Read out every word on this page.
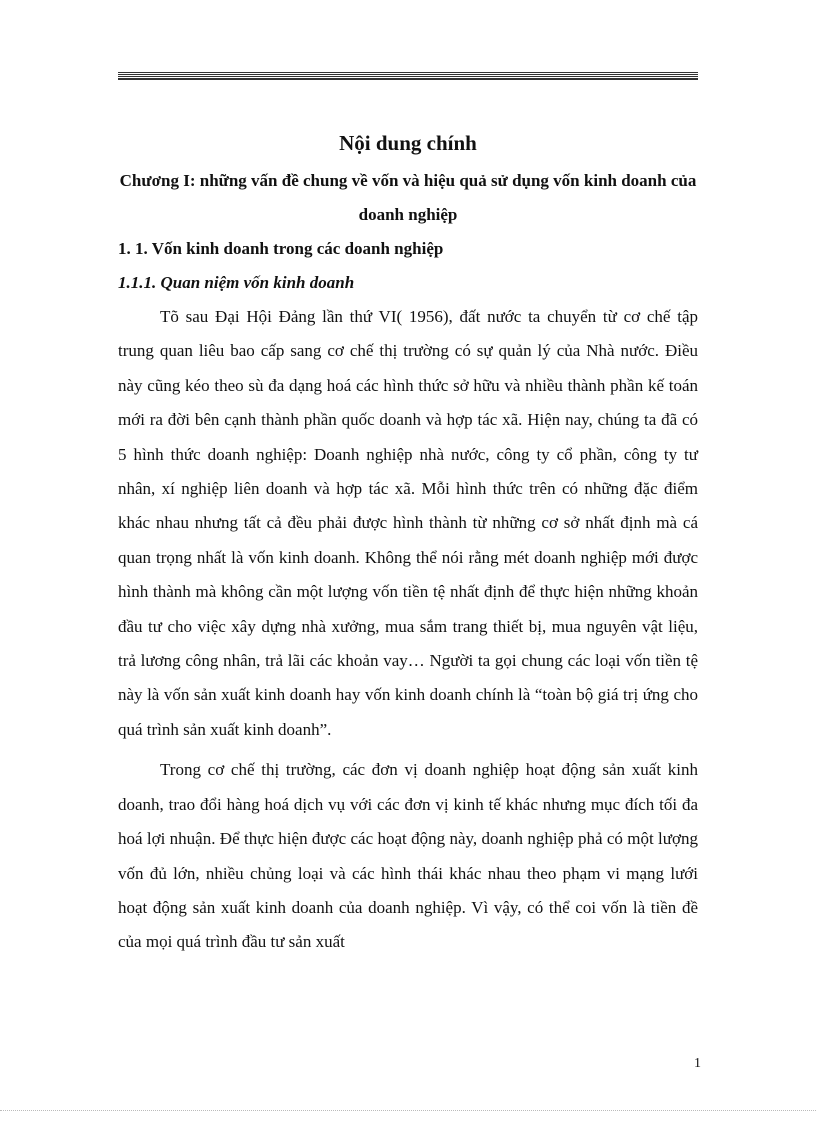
Nội dung chính
Chương I: những vấn đề chung về vốn và hiệu quả sử dụng vốn kinh doanh của doanh nghiệp
1. 1. Vốn kinh doanh trong các doanh nghiệp
1.1.1. Quan niệm vốn kinh doanh

Tõ sau Đại Hội Đảng lần thứ VI( 1956), đất nước ta chuyển từ cơ chế tập trung quan liêu bao cấp sang cơ chế thị trường có sự quản lý của Nhà nước. Điều này cũng kéo theo sù đa dạng hoá các hình thức sở hữu và nhiều thành phần kế toán mới ra đời bên cạnh thành phần quốc doanh và hợp tác xã. Hiện nay, chúng ta đã có 5 hình thức doanh nghiệp: Doanh nghiệp nhà nước, công ty cổ phần, công ty tư nhân, xí nghiệp liên doanh và hợp tác xã. Mỗi hình thức trên có những đặc điểm khác nhau nhưng tất cả đều phải được hình thành từ những cơ sở nhất định mà cá quan trọng nhất là vốn kinh doanh. Không thể nói rằng mét doanh nghiệp mới được hình thành mà không cần một lượng vốn tiền tệ nhất định để thực hiện những khoản đầu tư cho việc xây dựng nhà xưởng, mua sắm trang thiết bị, mua nguyên vật liệu, trả lương công nhân, trả lãi các khoản vay… Người ta gọi chung các loại vốn tiền tệ này là vốn sản xuất kinh doanh hay vốn kinh doanh chính là “toàn bộ giá trị ứng cho quá trình sản xuất kinh doanh”.

Trong cơ chế thị trường, các đơn vị doanh nghiệp hoạt động sản xuất kinh doanh, trao đổi hàng hoá dịch vụ với các đơn vị kinh tế khác nhưng mục đích tối đa hoá lợi nhuận. Để thực hiện được các hoạt động này, doanh nghiệp phả có một lượng vốn đủ lớn, nhiều chủng loại và các hình thái khác nhau theo phạm vi mạng lưới hoạt động sản xuất kinh doanh của doanh nghiệp. Vì vậy, có thể coi vốn là tiền đề của mọi quá trình đầu tư sản xuất

1
